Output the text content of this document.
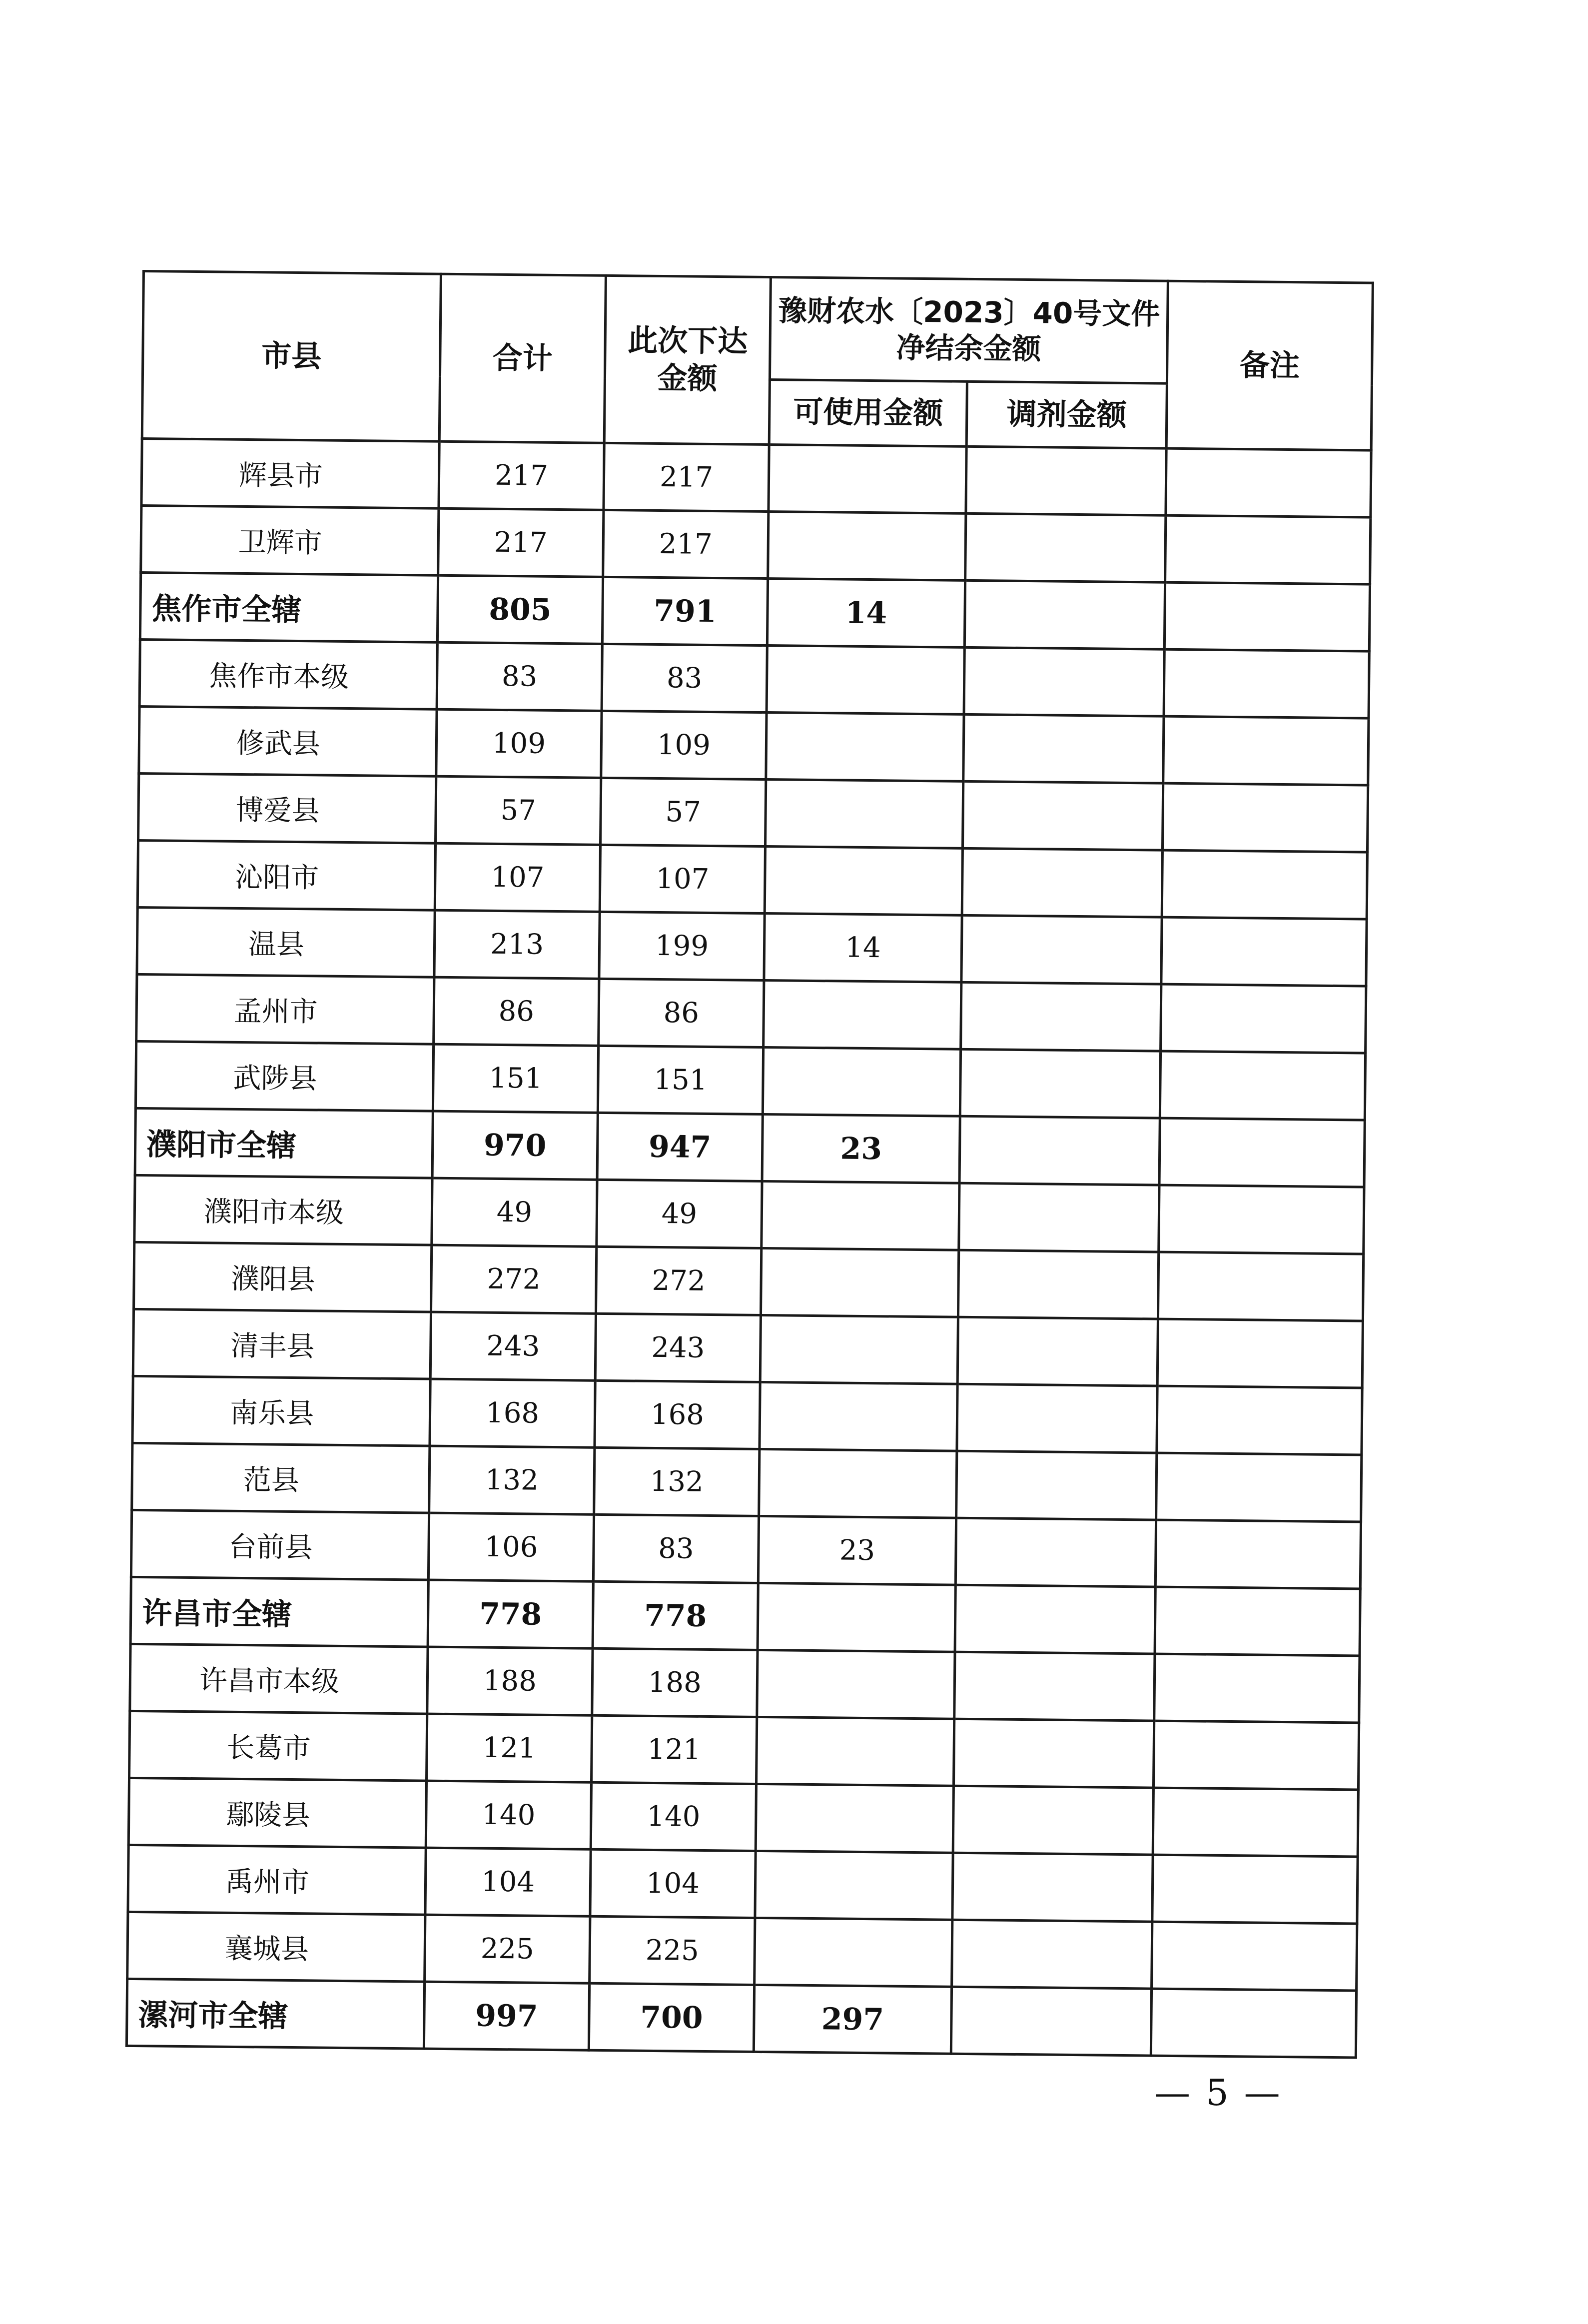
市县	合计	此次下达金额	豫财农水〔2023〕40号文件净结余金额		备注
			可使用金额	调剂金额	
辉县市	217	217			
卫辉市	217	217			
焦作市全辖	805	791	14		
焦作市本级	83	83			
修武县	109	109			
博爱县	57	57			
沁阳市	107	107			
温县	213	199	14		
孟州市	86	86			
武陟县	151	151			
濮阳市全辖	970	947	23		
濮阳市本级	49	49			
濮阳县	272	272			
清丰县	243	243			
南乐县	168	168			
范县	132	132			
台前县	106	83	23		
许昌市全辖	778	778			
许昌市本级	188	188			
长葛市	121	121			
鄢陵县	140	140			
禹州市	104	104			
襄城县	225	225			
漯河市全辖	997	700	297		
— 5 —
